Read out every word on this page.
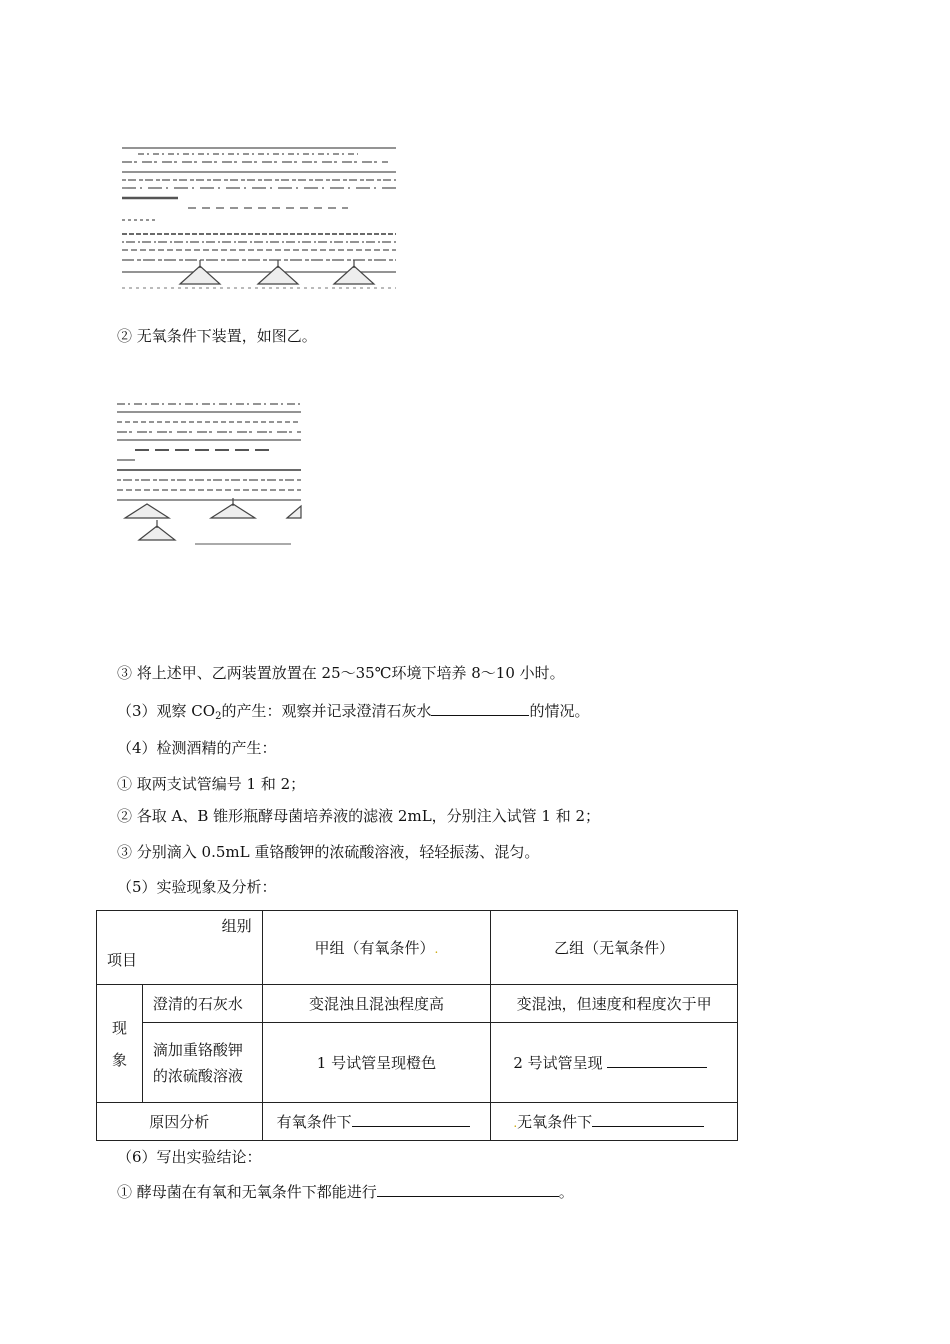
② 无氧条件下装置，如图乙。
③ 将上述甲、乙两装置放置在 25～35℃环境下培养 8～10 小时。
（3）观察 $CO_2$的产生：观察并记录澄清石灰水	的情况。
（4）检测酒精的产生：
① 取两支试管编号 1 和 2；
② 各取 A、B 锥形瓶酵母菌培养液的滤液 2mL，分别注入试管 1 和 2；
③ 分别滴入 0.5mL 重铬酸钾的浓硫酸溶液，轻轻振荡、混匀。
（5）实验现象及分析：
组别
项目		甲组（有氧条件）.	乙组（无氧条件）

现象	澄清的石灰水	变混浊且混浊程度高	变混浊，但速度和程度次于甲

	滴加重铬酸钾
的浓硫酸溶液	1 号试管呈现橙色	2 号试管呈现
原因分析		有氧条件下	.无氧条件下
（6）写出实验结论：
① 酵母菌在有氧和无氧条件下都能进行	。
